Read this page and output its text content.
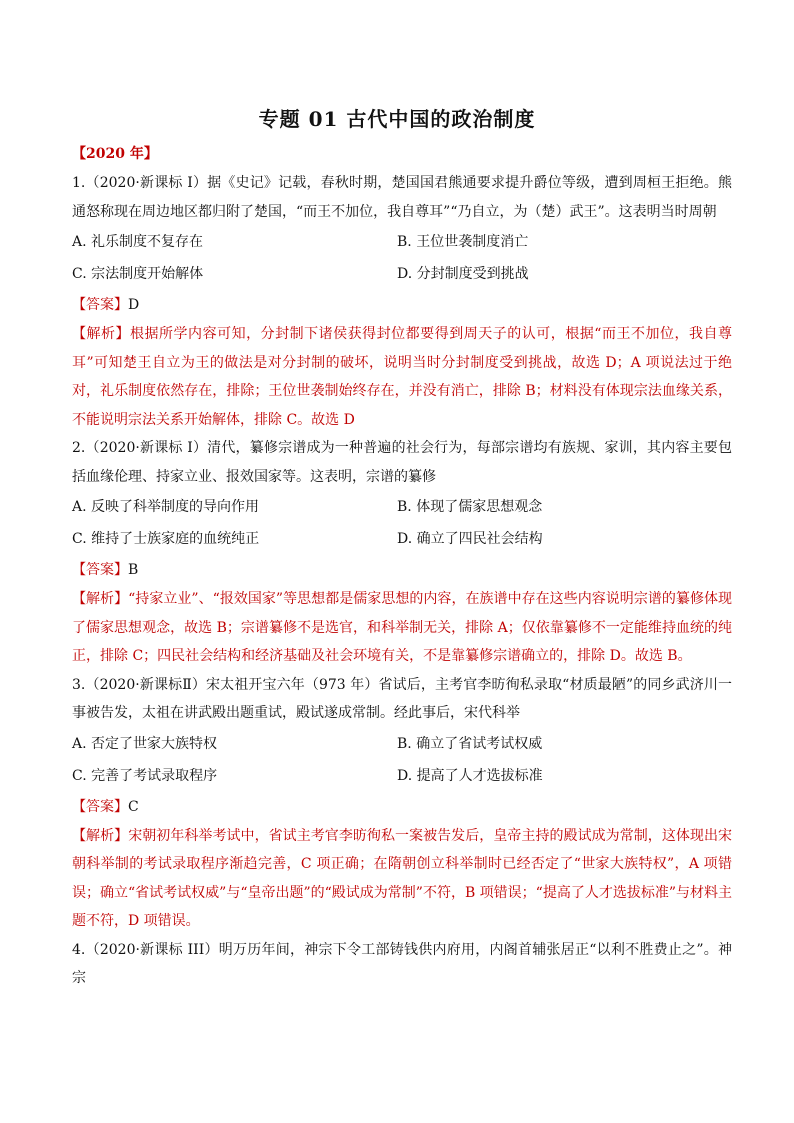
专题 01 古代中国的政治制度
【2020 年】

1.（2020·新课标 I）据《史记》记载，春秋时期，楚国国君熊通要求提升爵位等级，遭到周桓王拒绝。熊通怒称现在周边地区都归附了楚国，“而王不加位，我自尊耳”“乃自立，为（楚）武王”。这表明当时周朝

A. 礼乐制度不复存在	B. 王位世袭制度消亡
C. 宗法制度开始解体	D. 分封制度受到挑战
【答案】D

【解析】根据所学内容可知，分封制下诸侯获得封位都要得到周天子的认可，根据“而王不加位，我自尊耳”可知楚王自立为王的做法是对分封制的破坏，说明当时分封制度受到挑战，故选 D；A 项说法过于绝对，礼乐制度依然存在，排除；王位世袭制始终存在，并没有消亡，排除 B；材料没有体现宗法血缘关系，不能说明宗法关系开始解体，排除 C。故选 D

2.（2020·新课标 I）清代，纂修宗谱成为一种普遍的社会行为，每部宗谱均有族规、家训，其内容主要包括血缘伦理、持家立业、报效国家等。这表明，宗谱的纂修

A. 反映了科举制度的导向作用	B. 体现了儒家思想观念
C. 维持了士族家庭的血统纯正	D. 确立了四民社会结构
【答案】B

【解析】“持家立业”、“报效国家”等思想都是儒家思想的内容，在族谱中存在这些内容说明宗谱的纂修体现了儒家思想观念，故选 B；宗谱纂修不是选官，和科举制无关，排除 A；仅依靠纂修不一定能维持血统的纯正，排除 C；四民社会结构和经济基础及社会环境有关，不是靠纂修宗谱确立的，排除 D。故选 B。

3.（2020·新课标Ⅱ）宋太祖开宝六年（973 年）省试后，主考官李昉徇私录取“材质最陋”的同乡武济川一事被告发，太祖在讲武殿出题重试，殿试遂成常制。经此事后，宋代科举

A. 否定了世家大族特权	B. 确立了省试考试权威
C. 完善了考试录取程序	D. 提高了人才选拔标准
【答案】C

【解析】宋朝初年科举考试中，省试主考官李昉徇私一案被告发后，皇帝主持的殿试成为常制，这体现出宋朝科举制的考试录取程序渐趋完善，C 项正确；在隋朝创立科举制时已经否定了“世家大族特权”，A 项错误；确立“省试考试权威”与“皇帝出题”的“殿试成为常制”不符，B 项错误；“提高了人才选拔标准”与材料主题不符，D 项错误。

4.（2020·新课标 III）明万历年间，神宗下令工部铸钱供内府用，内阁首辅张居正“以利不胜费止之”。神宗
